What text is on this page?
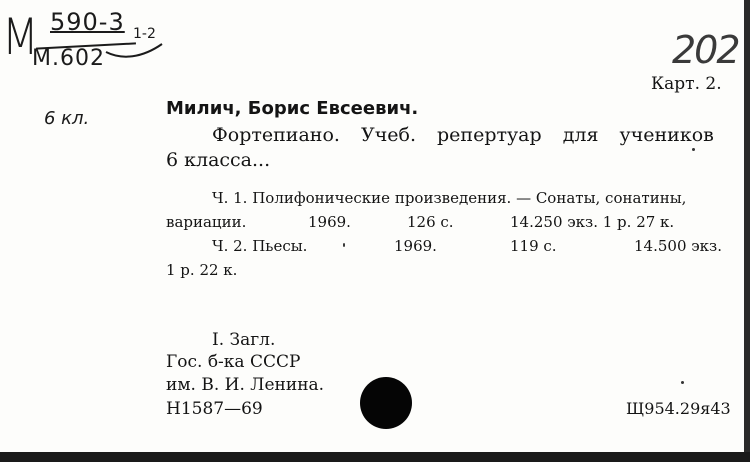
М 590-3 1-2
М.602	202
6 кл.
Карт. 2.
Милич, Борис Евсеевич.
Фортепиано. Учеб. репертуар для учеников
6 класса...
Ч. 1. Полифонические произведения. — Сонаты, сонатины,
вариации.	1969.	126 с.	14.250 экз. 1 р. 27 к.
Ч. 2. Пьесы.	1969.	119 с.	14.500 экз.
1 р. 22 к.
I. Загл.
Гос. б-ка СССР
им. В. И. Ленина.
Н1587—69	Щ954.29я43
